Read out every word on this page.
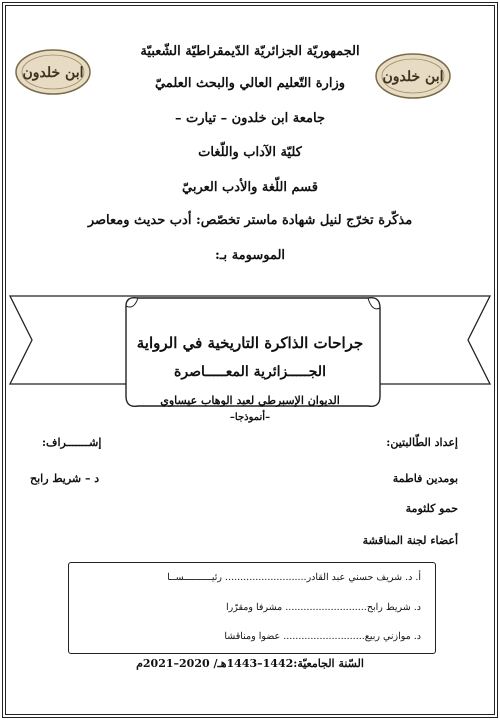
ابن خلدون	ابن خلدون
الجمهوريّة الجزائريّة الدّيمقراطيّة الشّعبيّة
وزارة التّعليم العالي والبحث العلميّ
جامعة ابن خلدون – تيارت –
كليّة الآداب واللّغات
قسم اللّغة والأدب العربيّ
مذكّرة تخرّج لنيل شهادة ماستر تخصّص: أدب حديث ومعاصر
الموسومة بـ:
جراحات الذاكرة التاريخية في الرواية
الجـــــزائرية المعـــــاصرة
الديوان الإسبرطي لعبد الوهاب عيساوي
–أنموذجا–
إعداد الطّالبتين:
بومدين فاطمة
حمو كلثومة
أعضاء لجنة المناقشة
إشـــــــراف:
د – شريط رابح
أ. د. شريف حسني عبد القادر........................... رئيــــــــــســا
د. شريط رابح........................... مشرفا ومقرّرا
د. موازني ربيع........................... عضوا ومناقشا
السّنة الجامعيّة:1442–1443هـ/ 2020–2021م
